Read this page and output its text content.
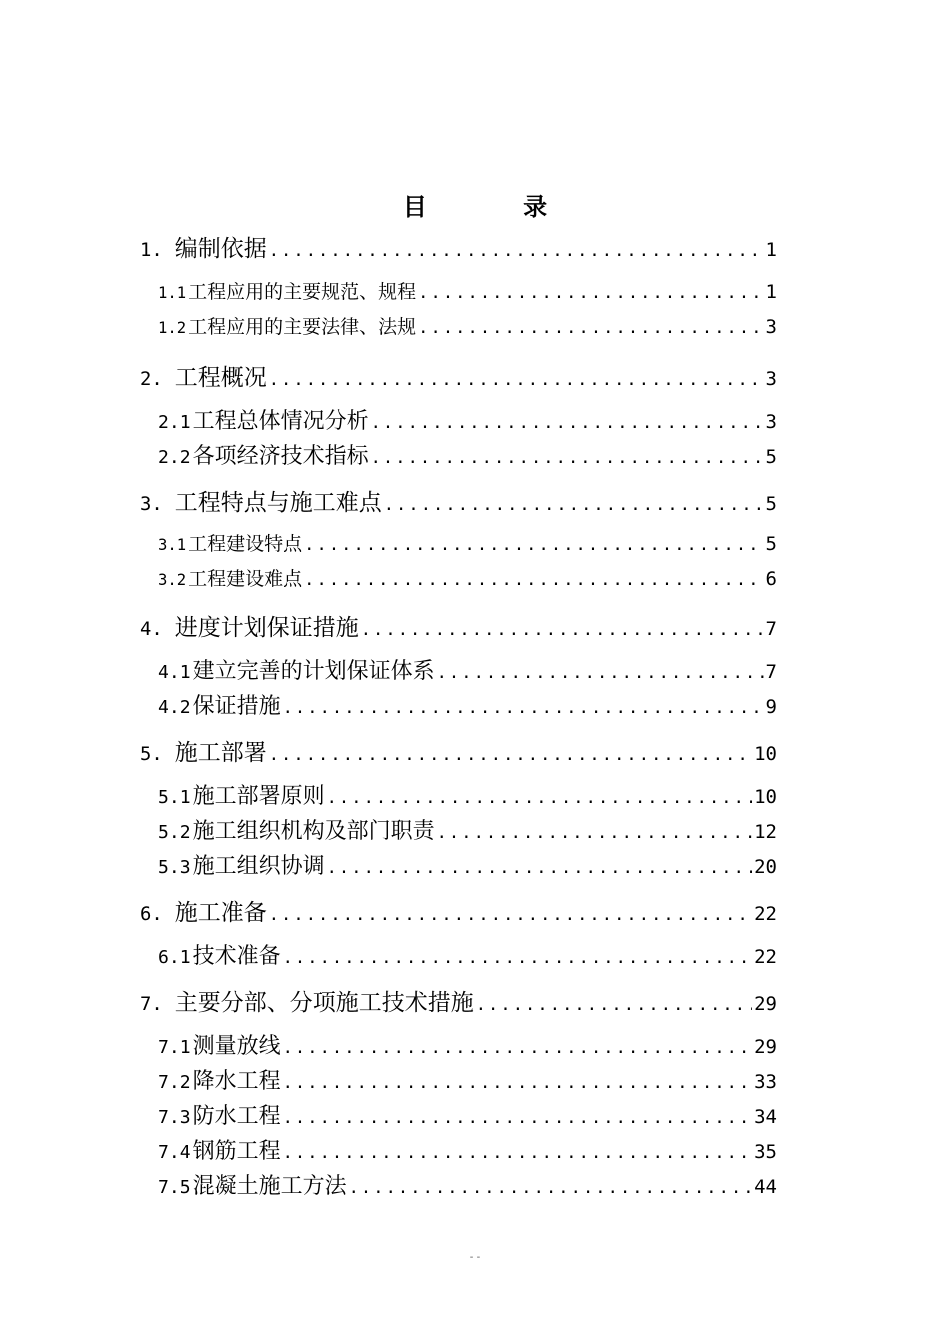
目 录
1. 编制依据 .....	1
1.1 工程应用的主要规范、规程 .....	1
1.2 工程应用的主要法律、法规 .....	3
2. 工程概况 .....	3
2.1 工程总体情况分析 .....	3
2.2 各项经济技术指标 .....	5
3. 工程特点与施工难点 .....	5
3.1 工程建设特点 .....	5
3.2 工程建设难点 .....	6
4. 进度计划保证措施 .....	7
4.1 建立完善的计划保证体系 .....	7
4.2 保证措施 .....	9
5. 施工部署 .....	10
5.1 施工部署原则 .....	10
5.2 施工组织机构及部门职责 .....	12
5.3 施工组织协调 .....	20
6. 施工准备 .....	22
6.1 技术准备 .....	22
7. 主要分部、分项施工技术措施 .....	29
7.1 测量放线 .....	29
7.2 降水工程 .....	33
7.3 防水工程 .....	34
7.4 钢筋工程 .....	35
7.5 混凝土施工方法 .....	44
- -
